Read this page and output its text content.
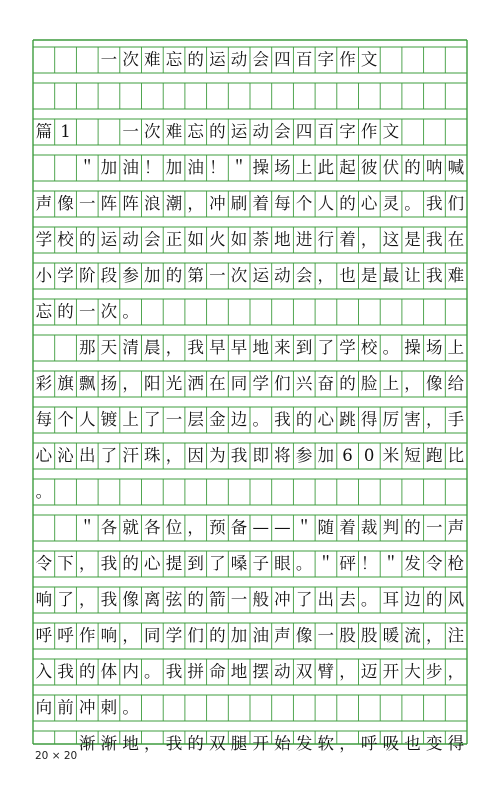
一 次 难 忘 的 运 动 会 四 百 字 作 文
篇 1	一 次 难 忘 的 运 动 会 四 百 字 作 文
＂ 加 油 ！ 加 油 ！ ＂ 操 场 上 此 起 彼 伏 的 呐 喊
声 像 一 阵 阵 浪 潮 ， 冲 刷 着 每 个 人 的 心 灵 。 我 们
学 校 的 运 动 会 正 如 火 如 荼 地 进 行 着 ， 这 是 我 在
小 学 阶 段 参 加 的 第 一 次 运 动 会 ， 也 是 最 让 我 难
忘 的 一 次 。
那 天 清 晨 ， 我 早 早 地 来 到 了 学 校 。 操 场 上
彩 旗 飘 扬 ， 阳 光 洒 在 同 学 们 兴 奋 的 脸 上 ， 像 给
每 个 人 镀 上 了 一 层 金 边 。 我 的 心 跳 得 厉 害 ， 手
心 沁 出 了 汗 珠 ， 因 为 我 即 将 参 加 6 0 米 短 跑 比
。
＂ 各 就 各 位 ， 预 备 — — ＂ 随 着 裁 判 的 一 声
令 下 ， 我 的 心 提 到 了 嗓 子 眼 。 ＂ 砰 ！ ＂ 发 令 枪
响 了 ， 我 像 离 弦 的 箭 一 般 冲 了 出 去 。 耳 边 的 风
呼 呼 作 响 ， 同 学 们 的 加 油 声 像 一 股 股 暖 流 ， 注
入 我 的 体 内 。 我 拼 命 地 摆 动 双 臂 ， 迈 开 大 步 ，
向 前 冲 刺 。
渐 渐 地 ， 我 的 双 腿 开 始 发 软 ， 呼 吸 也 变 得
20 × 20
